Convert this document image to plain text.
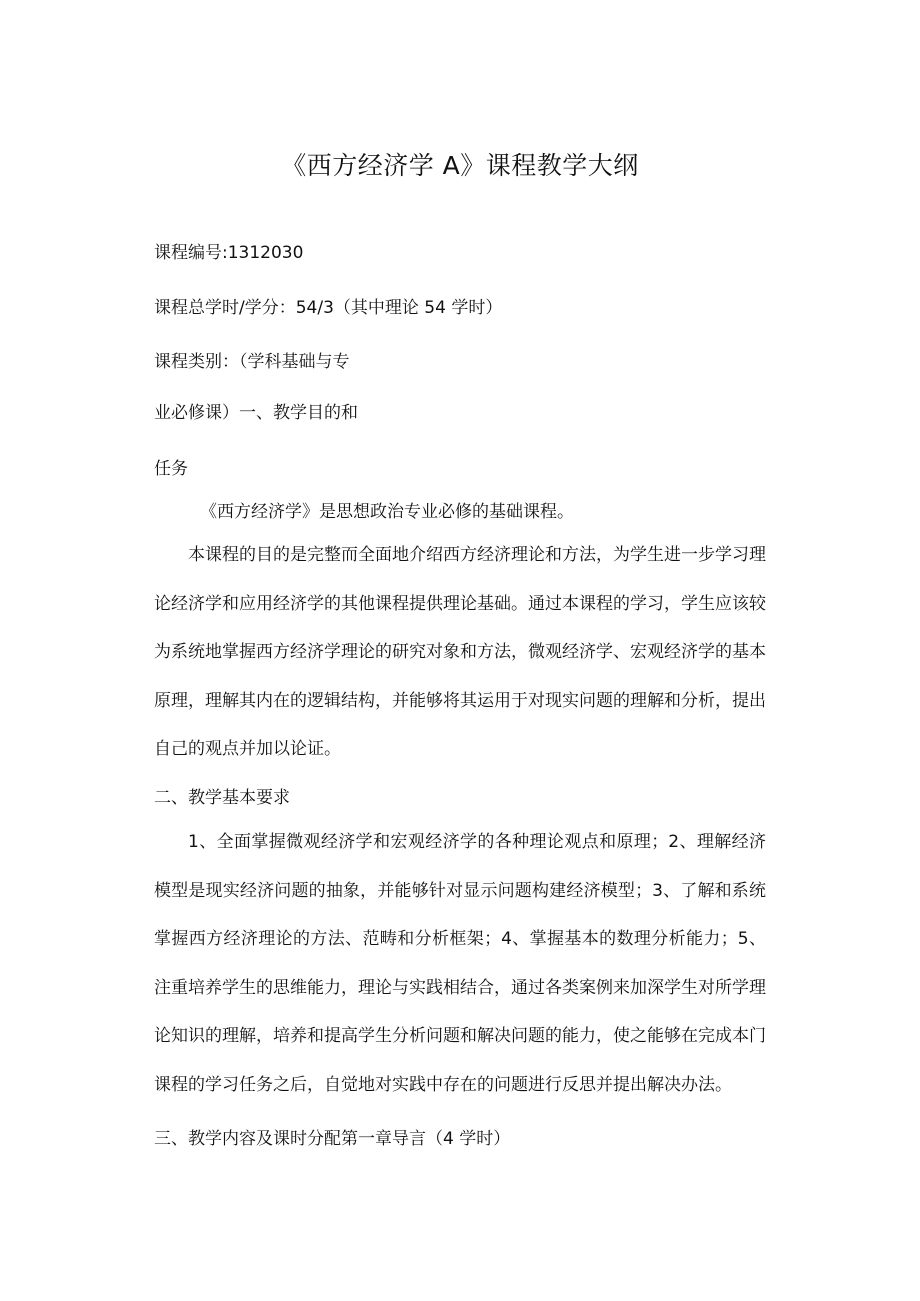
《西方经济学 A》课程教学大纲
课程编号:1312030
课程总学时/学分：54/3（其中理论 54 学时）
课程类别：（学科基础与专
业必修课）一、教学目的和
任务
《西方经济学》是思想政治专业必修的基础课程。

本课程的目的是完整而全面地介绍西方经济理论和方法，为学生进一步学习理论经济学和应用经济学的其他课程提供理论基础。通过本课程的学习，学生应该较为系统地掌握西方经济学理论的研究对象和方法，微观经济学、宏观经济学的基本原理，理解其内在的逻辑结构，并能够将其运用于对现实问题的理解和分析，提出自己的观点并加以论证。

二、教学基本要求

1、全面掌握微观经济学和宏观经济学的各种理论观点和原理；2、理解经济模型是现实经济问题的抽象，并能够针对显示问题构建经济模型；3、了解和系统掌握西方经济理论的方法、范畴和分析框架；4、掌握基本的数理分析能力；5、注重培养学生的思维能力，理论与实践相结合，通过各类案例来加深学生对所学理论知识的理解，培养和提高学生分析问题和解决问题的能力，使之能够在完成本门课程的学习任务之后，自觉地对实践中存在的问题进行反思并提出解决办法。

三、教学内容及课时分配第一章导言（4 学时）
